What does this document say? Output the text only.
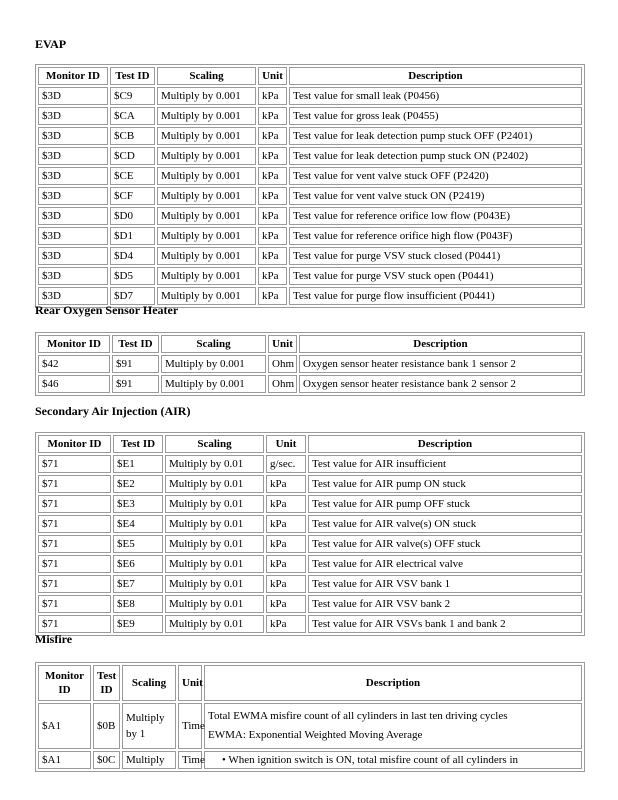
EVAP
Monitor ID	Test ID	Scaling	Unit	Description
$3D	$C9	Multiply by 0.001	kPa	Test value for small leak (P0456)
$3D	$CA	Multiply by 0.001	kPa	Test value for gross leak (P0455)
$3D	$CB	Multiply by 0.001	kPa	Test value for leak detection pump stuck OFF (P2401)
$3D	$CD	Multiply by 0.001	kPa	Test value for leak detection pump stuck ON (P2402)
$3D	$CE	Multiply by 0.001	kPa	Test value for vent valve stuck OFF (P2420)
$3D	$CF	Multiply by 0.001	kPa	Test value for vent valve stuck ON (P2419)
$3D	$D0	Multiply by 0.001	kPa	Test value for reference orifice low flow (P043E)
$3D	$D1	Multiply by 0.001	kPa	Test value for reference orifice high flow (P043F)
$3D	$D4	Multiply by 0.001	kPa	Test value for purge VSV stuck closed (P0441)
$3D	$D5	Multiply by 0.001	kPa	Test value for purge VSV stuck open (P0441)
$3D	$D7	Multiply by 0.001	kPa	Test value for purge flow insufficient (P0441)
Rear Oxygen Sensor Heater
Monitor ID	Test ID	Scaling	Unit	Description
$42	$91	Multiply by 0.001	Ohm	Oxygen sensor heater resistance bank 1 sensor 2
$46	$91	Multiply by 0.001	Ohm	Oxygen sensor heater resistance bank 2 sensor 2
Secondary Air Injection (AIR)
Monitor ID	Test ID	Scaling	Unit	Description
$71	$E1	Multiply by 0.01	g/sec.	Test value for AIR insufficient
$71	$E2	Multiply by 0.01	kPa	Test value for AIR pump ON stuck
$71	$E3	Multiply by 0.01	kPa	Test value for AIR pump OFF stuck
$71	$E4	Multiply by 0.01	kPa	Test value for AIR valve(s) ON stuck
$71	$E5	Multiply by 0.01	kPa	Test value for AIR valve(s) OFF stuck
$71	$E6	Multiply by 0.01	kPa	Test value for AIR electrical valve
$71	$E7	Multiply by 0.01	kPa	Test value for AIR VSV bank 1
$71	$E8	Multiply by 0.01	kPa	Test value for AIR VSV bank 2
$71	$E9	Multiply by 0.01	kPa	Test value for AIR VSVs bank 1 and bank 2
Misfire
Monitor ID	Test ID	Scaling	Unit	Description
$A1	$0B	Multiply by 1	Time	Total EWMA misfire count of all cylinders in last ten driving cycles
EWMA: Exponential Weighted Moving Average

$A1	$0C	Multiply	Time	• When ignition switch is ON, total misfire count of all cylinders in
